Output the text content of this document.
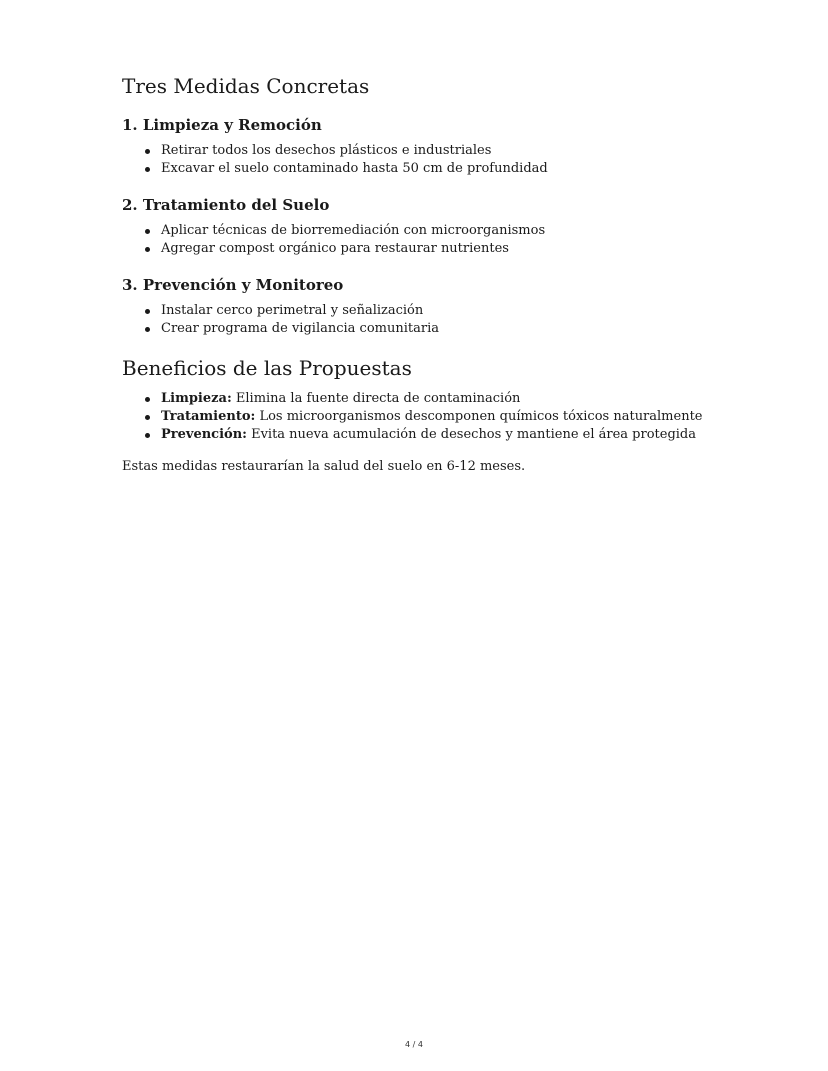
Tres Medidas Concretas
1. Limpieza y Remoción
Retirar todos los desechos plásticos e industriales
Excavar el suelo contaminado hasta 50 cm de profundidad
2. Tratamiento del Suelo
Aplicar técnicas de biorremediación con microorganismos
Agregar compost orgánico para restaurar nutrientes
3. Prevención y Monitoreo
Instalar cerco perimetral y señalización
Crear programa de vigilancia comunitaria
Beneficios de las Propuestas
Limpieza: Elimina la fuente directa de contaminación
Tratamiento: Los microorganismos descomponen químicos tóxicos naturalmente
Prevención: Evita nueva acumulación de desechos y mantiene el área protegida

Estas medidas restaurarían la salud del suelo en 6-12 meses.

4 / 4
